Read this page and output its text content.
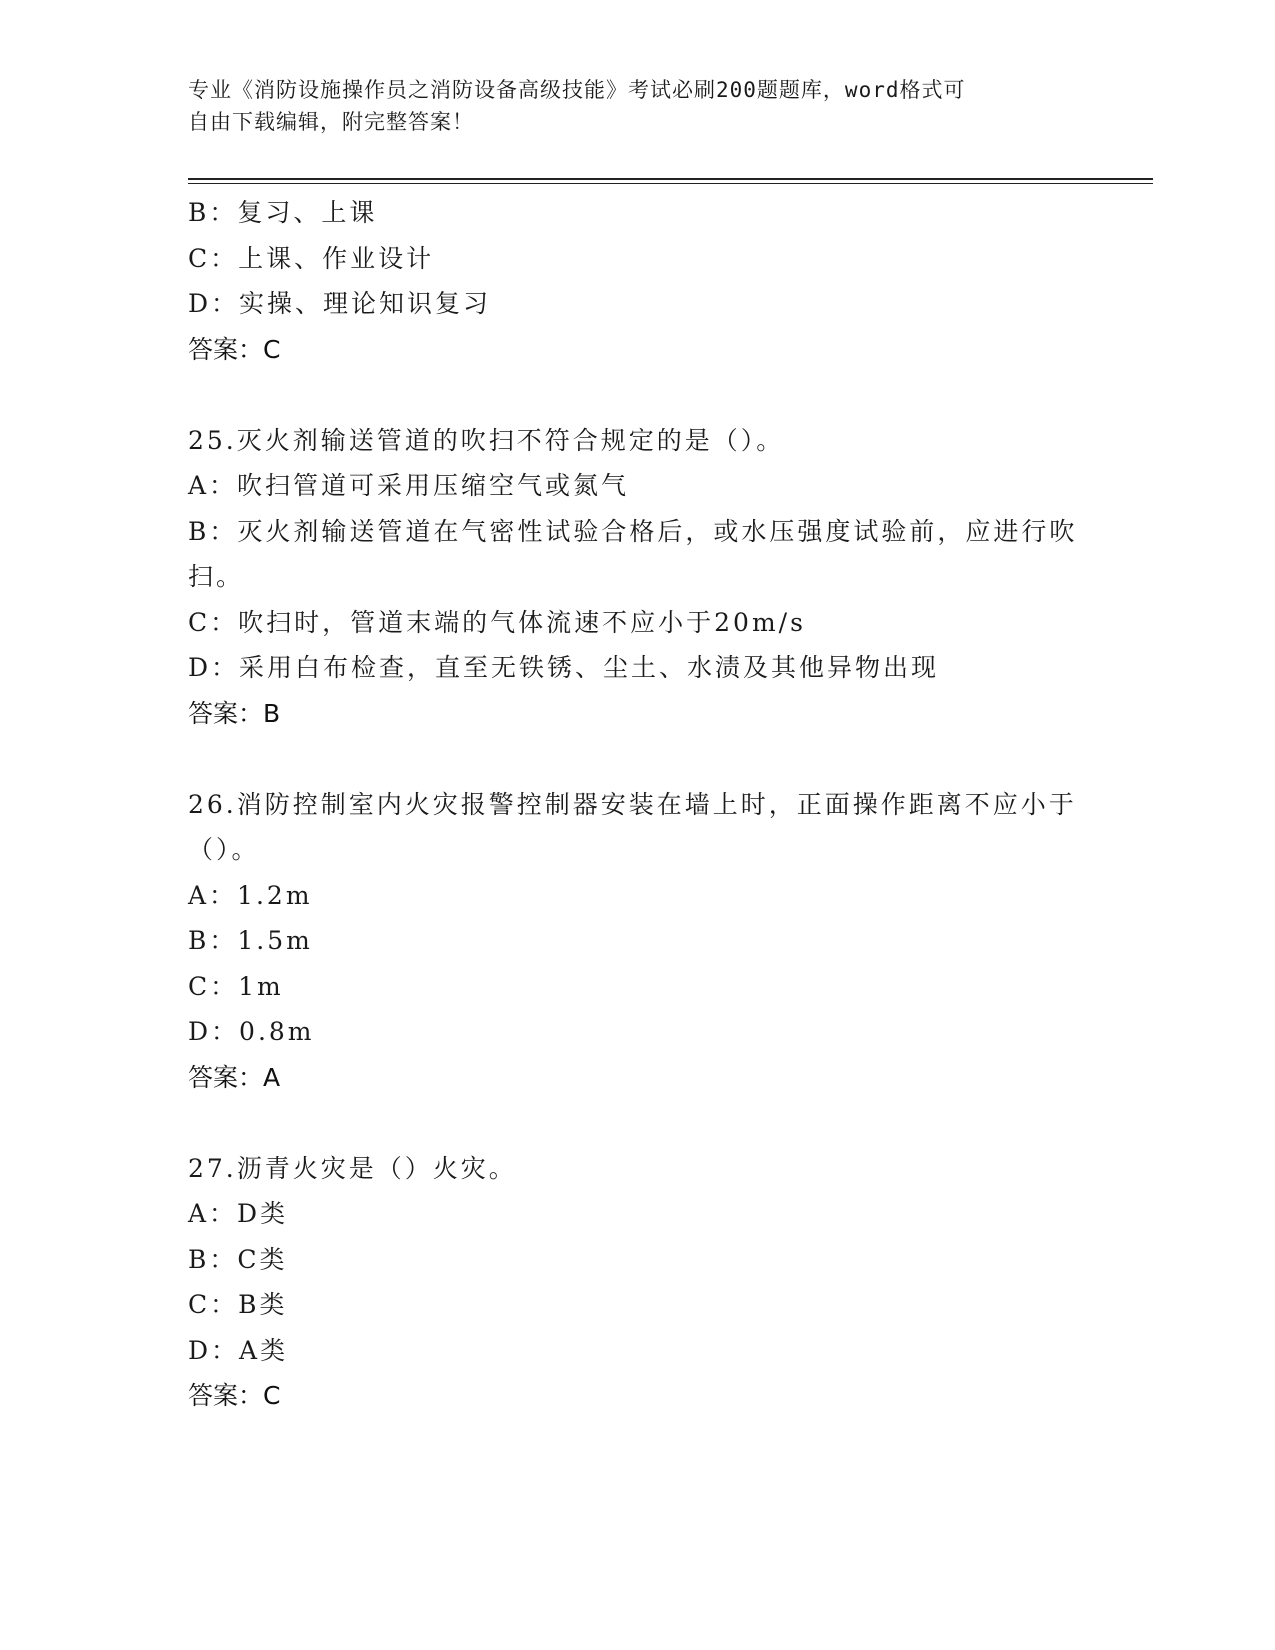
专业《消防设施操作员之消防设备高级技能》考试必刷200题题库，word格式可
自由下载编辑，附完整答案！

B：复习、上课

C：上课、作业设计

D：实操、理论知识复习

答案：C

25.灭火剂输送管道的吹扫不符合规定的是（）。

A：吹扫管道可采用压缩空气或氮气

B：灭火剂输送管道在气密性试验合格后，或水压强度试验前，应进行吹扫。

C：吹扫时，管道末端的气体流速不应小于20m/s

D：采用白布检查，直至无铁锈、尘土、水渍及其他异物出现

答案：B

26.消防控制室内火灾报警控制器安装在墙上时，正面操作距离不应小于（）。

A：1.2m

B：1.5m

C：1m

D：0.8m

答案：A

27.沥青火灾是（）火灾。

A：D类

B：C类

C：B类

D：A类

答案：C
